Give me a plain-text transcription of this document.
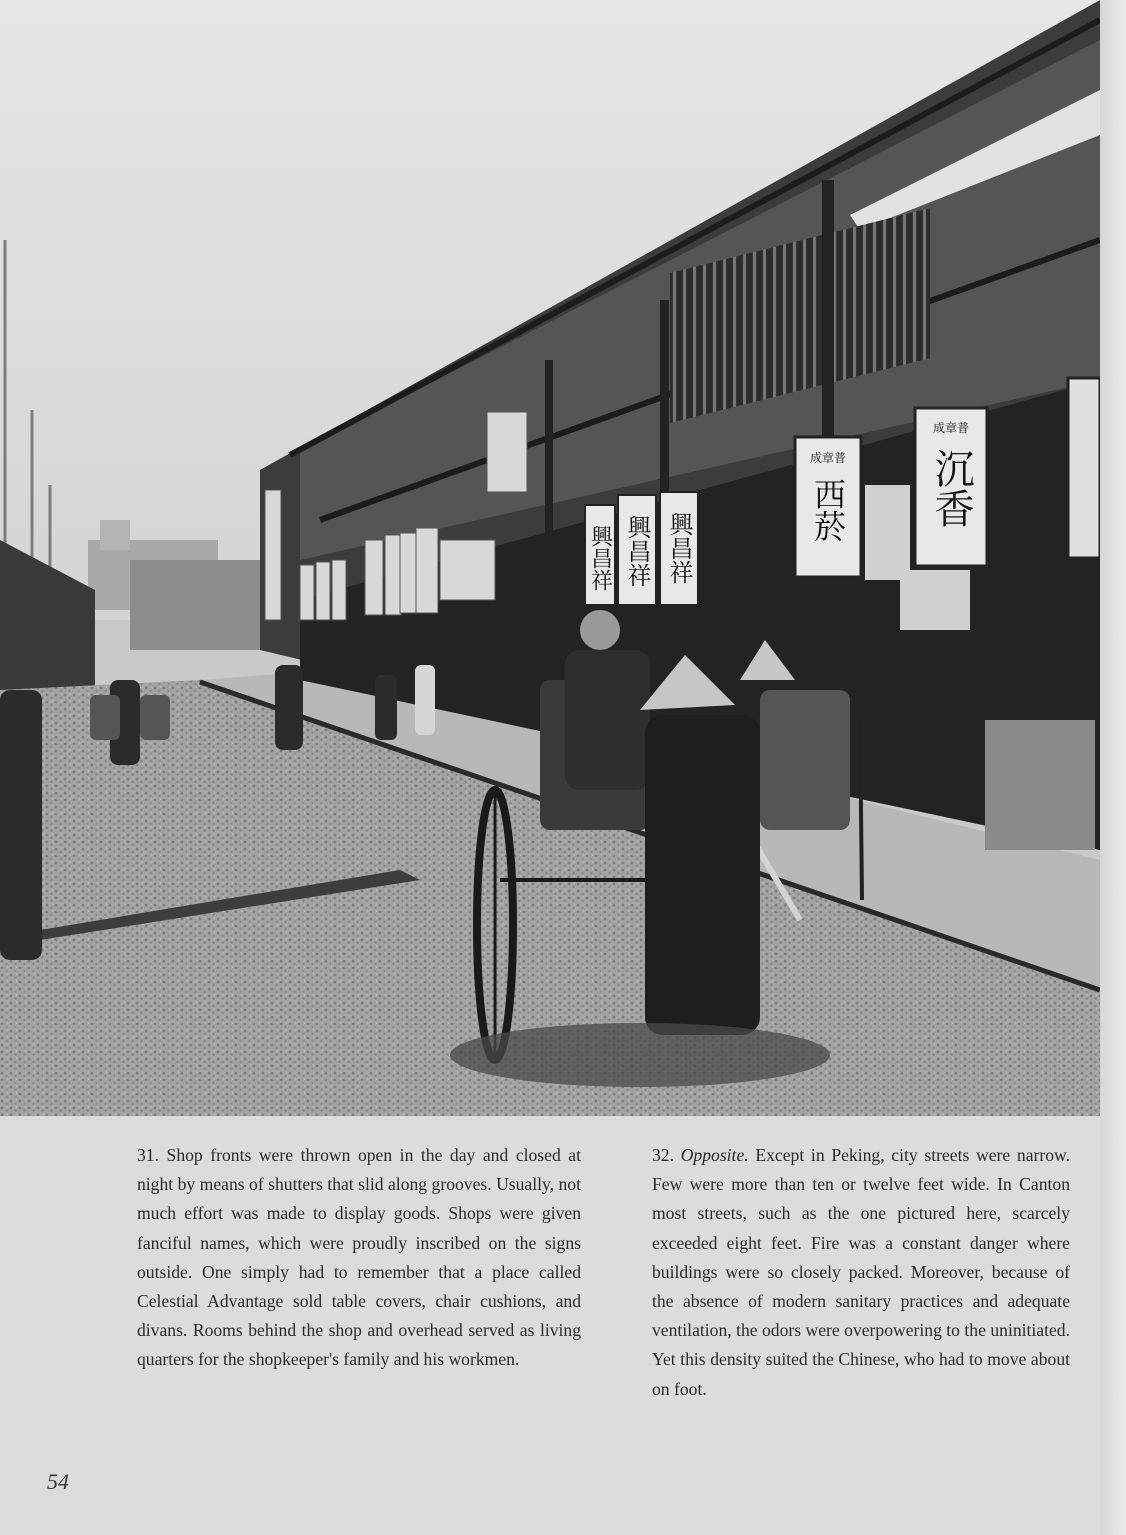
興昌祥 興昌祥 興昌祥
成章普
西菸
成章普
沉香
31. Shop fronts were thrown open in the day and closed at night by means of shutters that slid along grooves. Usually, not much effort was made to display goods. Shops were given fanciful names, which were proudly inscribed on the signs outside. One simply had to remember that a place called Celestial Advantage sold table covers, chair cushions, and divans. Rooms behind the shop and overhead served as living quarters for the shopkeeper's family and his workmen.
32. Opposite. Except in Peking, city streets were narrow. Few were more than ten or twelve feet wide. In Canton most streets, such as the one pictured here, scarcely exceeded eight feet. Fire was a constant danger where buildings were so closely packed. Moreover, because of the absence of modern sanitary practices and adequate ventilation, the odors were overpowering to the uninitiated. Yet this density suited the Chinese, who had to move about on foot.
54
